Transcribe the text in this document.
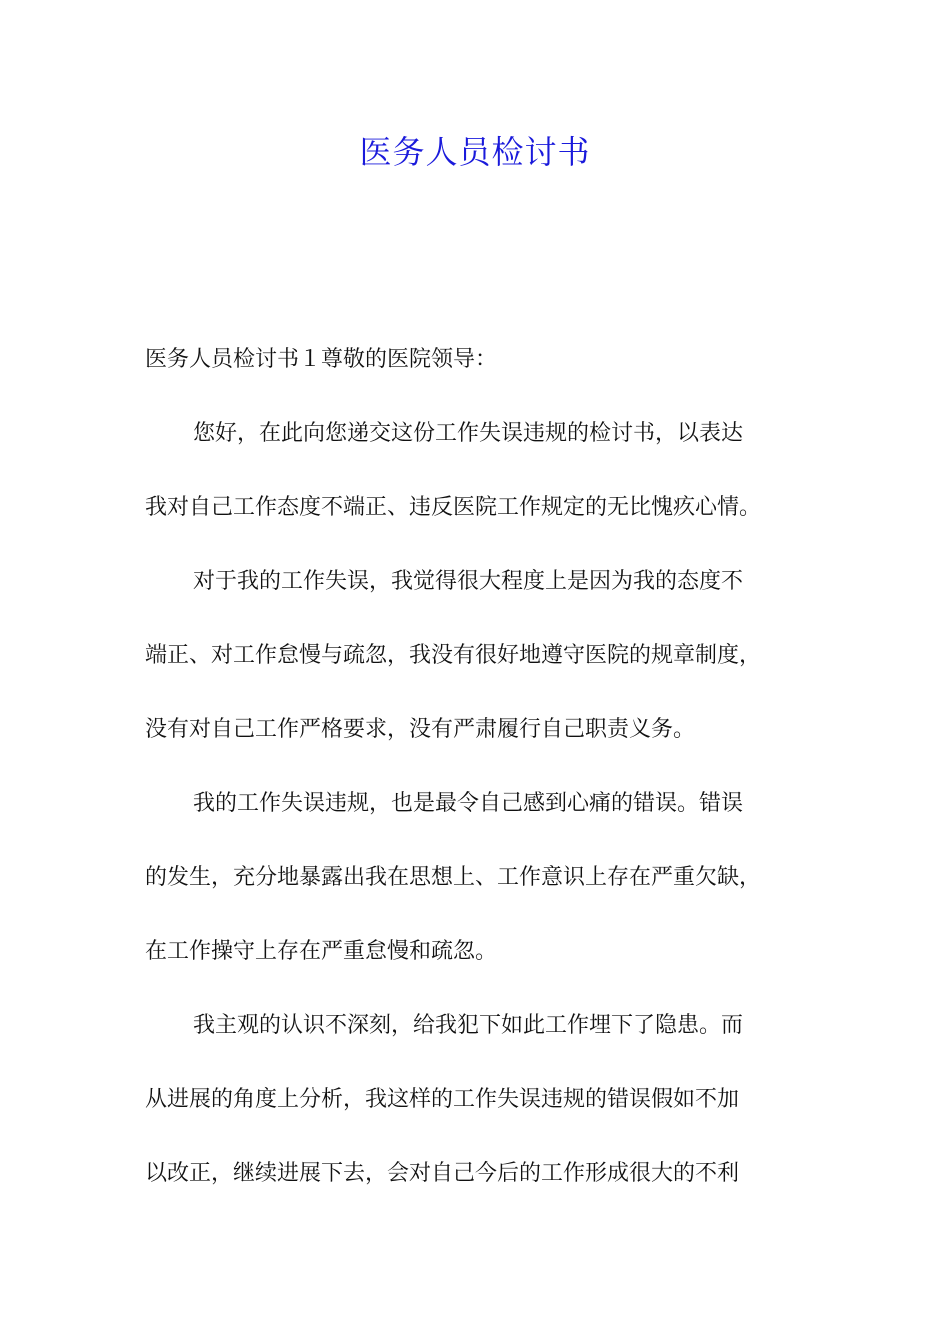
医务人员检讨书
医务人员检讨书１尊敬的医院领导：
您好，在此向您递交这份工作失误违规的检讨书，以表达
我对自己工作态度不端正、违反医院工作规定的无比愧疚心情。
对于我的工作失误，我觉得很大程度上是因为我的态度不
端正、对工作怠慢与疏忽，我没有很好地遵守医院的规章制度，
没有对自己工作严格要求，没有严肃履行自己职责义务。
我的工作失误违规，也是最令自己感到心痛的错误。错误
的发生，充分地暴露出我在思想上、工作意识上存在严重欠缺，
在工作操守上存在严重怠慢和疏忽。
我主观的认识不深刻，给我犯下如此工作埋下了隐患。而
从进展的角度上分析，我这样的工作失误违规的错误假如不加
以改正，继续进展下去，会对自己今后的工作形成很大的不利
